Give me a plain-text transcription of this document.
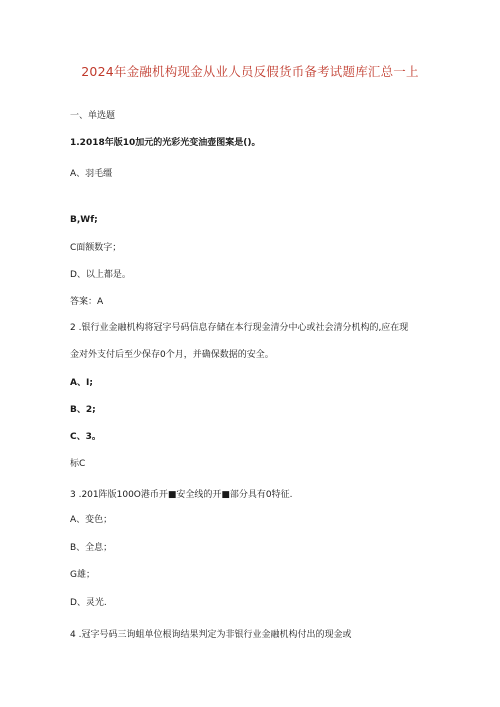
2024年金融机构现金从业人员反假货币备考试题库汇总一上
一、单选题
1.2018年版10加元的光彩光变油壶图案是()。
A、羽毛缰
B,Wf;
C面额数字；
D、以上都是。
答案：A
2 .银行业金融机构将冠字号码信息存储在本行现金清分中心或社会清分机构的,应在现
金对外支付后至少保存0个月，并确保数据的安全。
A、I;
B、2;
C、3。
标C
3 .201阵版100O港币开■安全线的开■部分具有0特征.
A、变色；
B、全息；
G雄；
D、灵光.
4 .冠字号码三询蛆单位根询结果判定为非银行业金融机构付出的现金或
